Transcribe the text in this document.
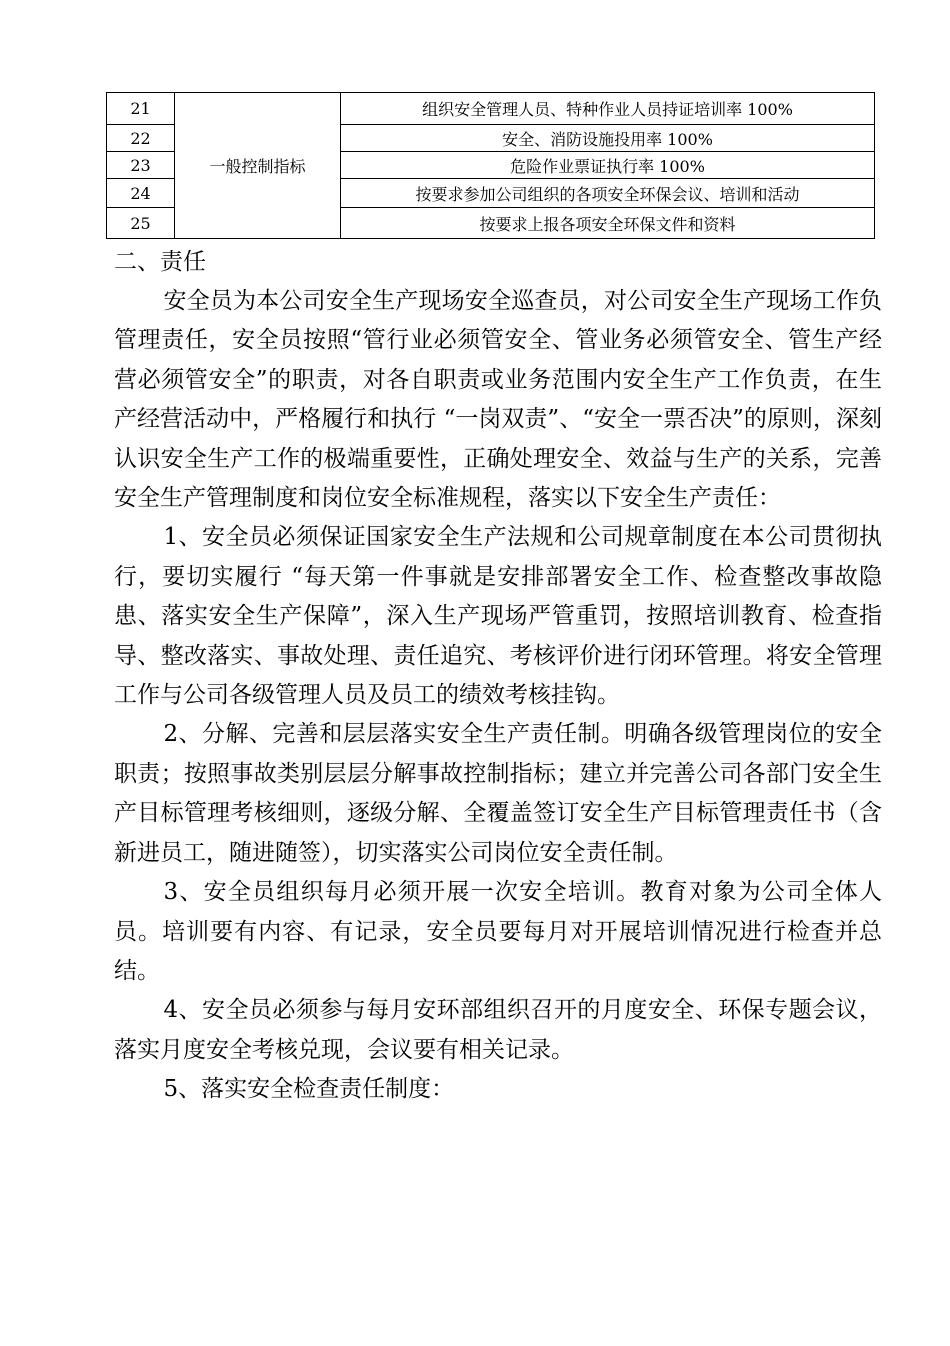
21	一般控制指标	组织安全管理人员、特种作业人员持证培训率 100%
22		安全、消防设施投用率 100%
23		危险作业票证执行率 100%
24		按要求参加公司组织的各项安全环保会议、培训和活动
25		按要求上报各项安全环保文件和资料
二、责任

安全员为本公司安全生产现场安全巡查员，对公司安全生产现场工作负管理责任，安全员按照“管行业必须管安全、管业务必须管安全、管生产经营必须管安全”的职责，对各自职责或业务范围内安全生产工作负责，在生产经营活动中，严格履行和执行 “一岗双责”、“安全一票否决”的原则，深刻认识安全生产工作的极端重要性，正确处理安全、效益与生产的关系，完善安全生产管理制度和岗位安全标准规程，落实以下安全生产责任：

1、安全员必须保证国家安全生产法规和公司规章制度在本公司贯彻执行，要切实履行 “每天第一件事就是安排部署安全工作、检查整改事故隐患、落实安全生产保障”，深入生产现场严管重罚，按照培训教育、检查指导、整改落实、事故处理、责任追究、考核评价进行闭环管理。将安全管理工作与公司各级管理人员及员工的绩效考核挂钩。

2、分解、完善和层层落实安全生产责任制。明确各级管理岗位的安全职责；按照事故类别层层分解事故控制指标；建立并完善公司各部门安全生产目标管理考核细则，逐级分解、全覆盖签订安全生产目标管理责任书（含新进员工，随进随签），切实落实公司岗位安全责任制。

3、安全员组织每月必须开展一次安全培训。教育对象为公司全体人员。培训要有内容、有记录，安全员要每月对开展培训情况进行检查并总结。

4、安全员必须参与每月安环部组织召开的月度安全、环保专题会议，落实月度安全考核兑现，会议要有相关记录。

5、落实安全检查责任制度：
